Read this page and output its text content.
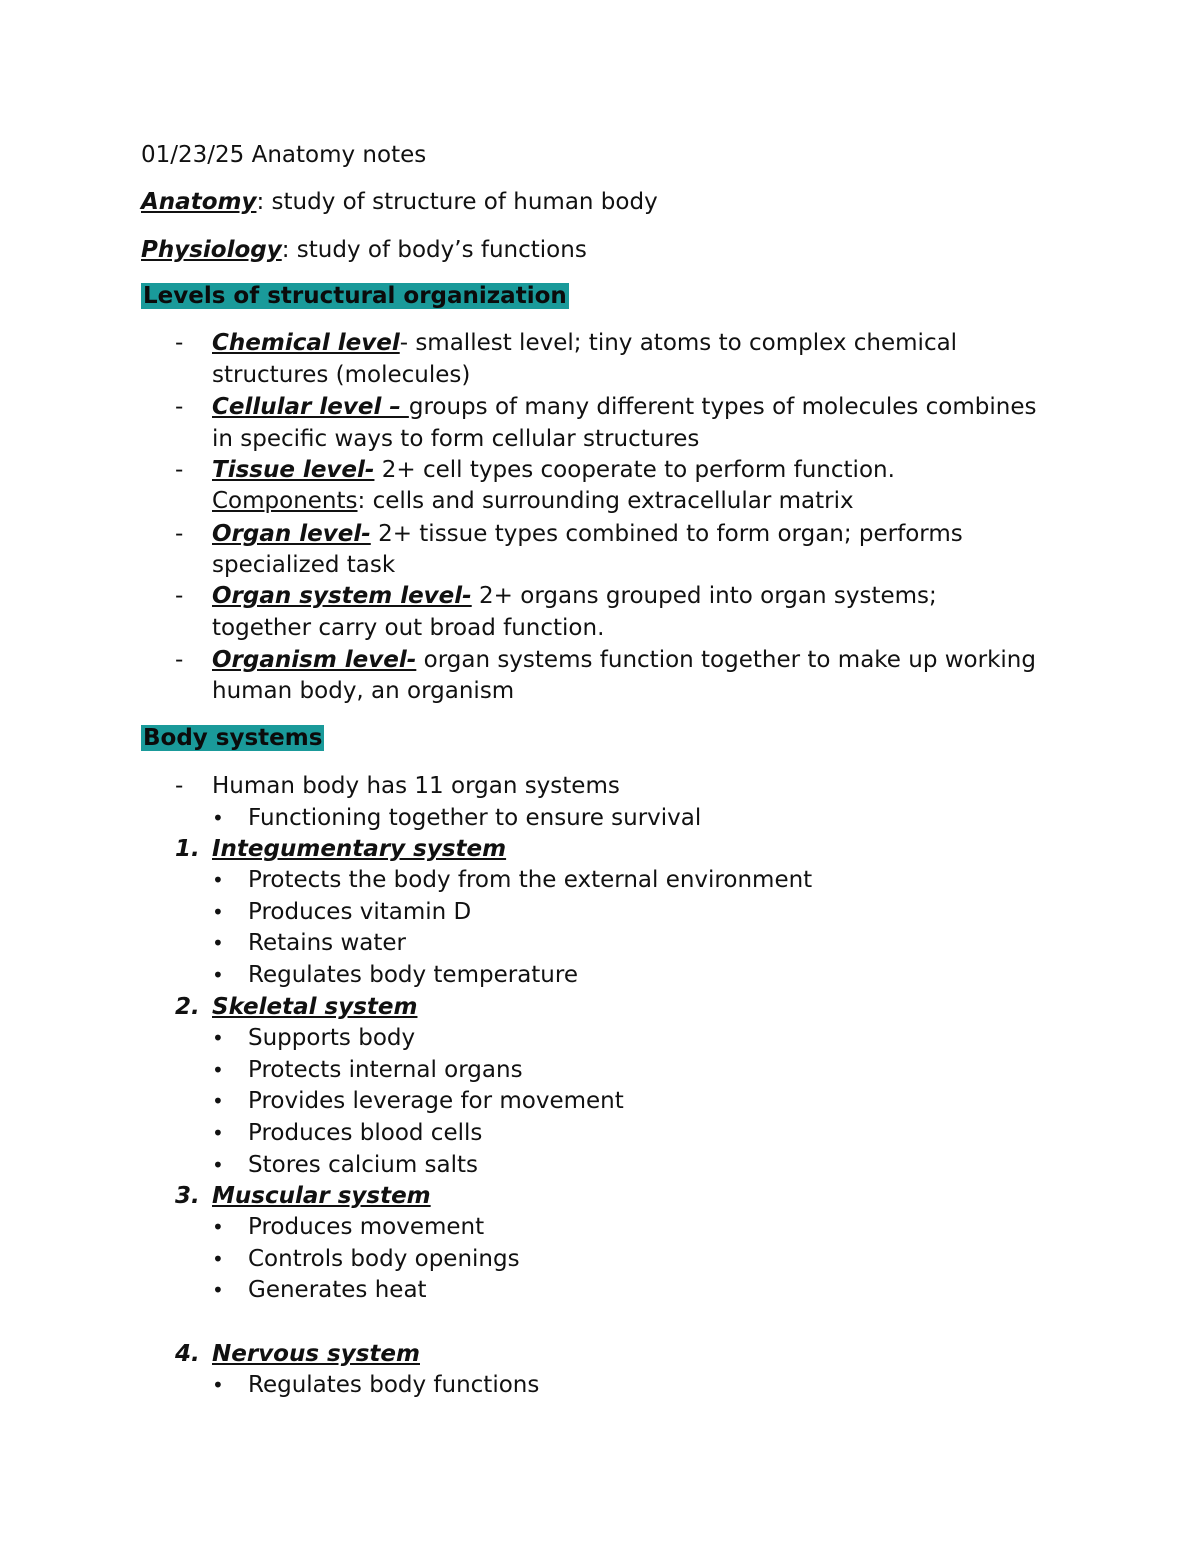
01/23/25 Anatomy notes
Anatomy: study of structure of human body
Physiology: study of body’s functions
Levels of structural organization
- Chemical level- smallest level; tiny atoms to complex chemical
structures (molecules)
- Cellular level – groups of many different types of molecules combines
in specific ways to form cellular structures
- Tissue level- 2+ cell types cooperate to perform function.
Components: cells and surrounding extracellular matrix
- Organ level- 2+ tissue types combined to form organ; performs
specialized task
- Organ system level- 2+ organs grouped into organ systems;
together carry out broad function.
- Organism level- organ systems function together to make up working
human body, an organism
Body systems
- Human body has 11 organ systems
• Functioning together to ensure survival
1. Integumentary system
• Protects the body from the external environment
• Produces vitamin D
• Retains water
• Regulates body temperature
2. Skeletal system
• Supports body
• Protects internal organs
• Provides leverage for movement
• Produces blood cells
• Stores calcium salts
3. Muscular system
• Produces movement
• Controls body openings
• Generates heat
4. Nervous system
• Regulates body functions
